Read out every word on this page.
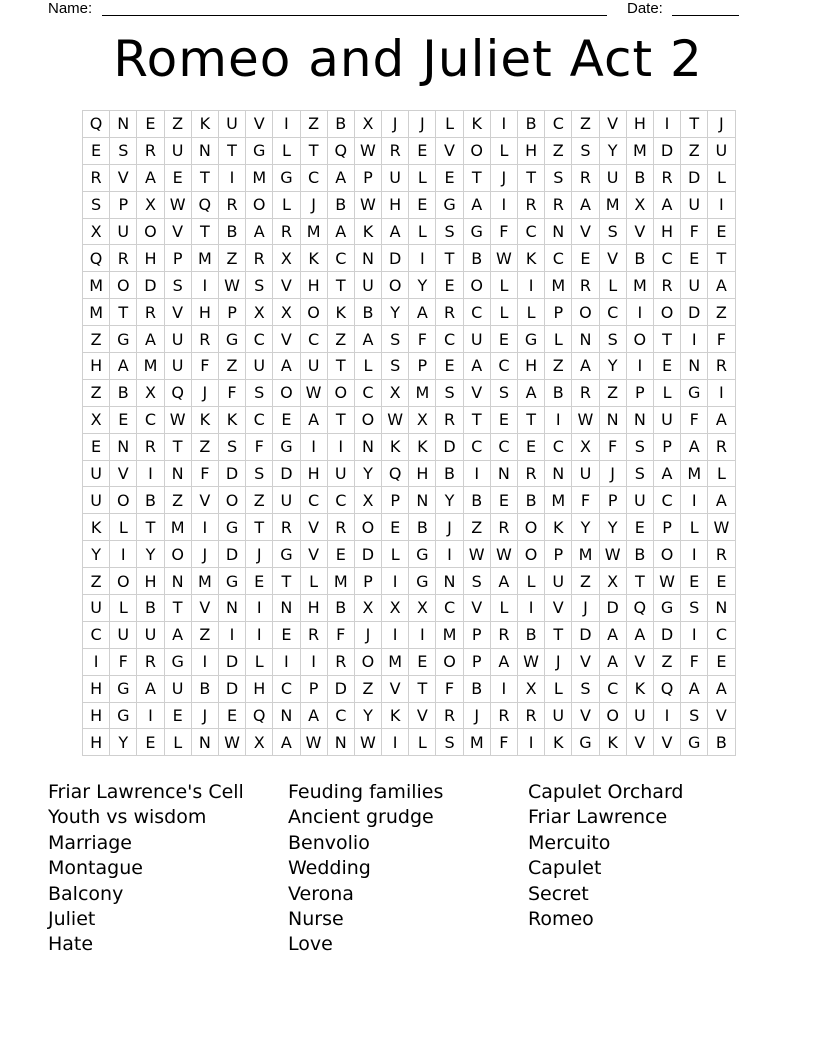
Name:	Date:
Romeo and Juliet Act 2
Q	N	E	Z	K	U	V	I	Z	B	X	J	J	L	K	I	B	C	Z	V	H	I	T	J
E	S	R	U	N	T	G	L	T	Q	W	R	E	V	O	L	H	Z	S	Y	M	D	Z	U
R	V	A	E	T	I	M	G	C	A	P	U	L	E	T	J	T	S	R	U	B	R	D	L
S	P	X	W	Q	R	O	L	J	B	W	H	E	G	A	I	R	R	A	M	X	A	U	I
X	U	O	V	T	B	A	R	M	A	K	A	L	S	G	F	C	N	V	S	V	H	F	E
Q	R	H	P	M	Z	R	X	K	C	N	D	I	T	B	W	K	C	E	V	B	C	E	T
M	O	D	S	I	W	S	V	H	T	U	O	Y	E	O	L	I	M	R	L	M	R	U	A
M	T	R	V	H	P	X	X	O	K	B	Y	A	R	C	L	L	P	O	C	I	O	D	Z
Z	G	A	U	R	G	C	V	C	Z	A	S	F	C	U	E	G	L	N	S	O	T	I	F
H	A	M	U	F	Z	U	A	U	T	L	S	P	E	A	C	H	Z	A	Y	I	E	N	R
Z	B	X	Q	J	F	S	O	W	O	C	X	M	S	V	S	A	B	R	Z	P	L	G	I
X	E	C	W	K	K	C	E	A	T	O	W	X	R	T	E	T	I	W	N	N	U	F	A
E	N	R	T	Z	S	F	G	I	I	N	K	K	D	C	C	E	C	X	F	S	P	A	R
U	V	I	N	F	D	S	D	H	U	Y	Q	H	B	I	N	R	N	U	J	S	A	M	L
U	O	B	Z	V	O	Z	U	C	C	X	P	N	Y	B	E	B	M	F	P	U	C	I	A
K	L	T	M	I	G	T	R	V	R	O	E	B	J	Z	R	O	K	Y	Y	E	P	L	W
Y	I	Y	O	J	D	J	G	V	E	D	L	G	I	W	W	O	P	M	W	B	O	I	R
Z	O	H	N	M	G	E	T	L	M	P	I	G	N	S	A	L	U	Z	X	T	W	E	E
U	L	B	T	V	N	I	N	H	B	X	X	X	C	V	L	I	V	J	D	Q	G	S	N
C	U	U	A	Z	I	I	E	R	F	J	I	I	M	P	R	B	T	D	A	A	D	I	C
I	F	R	G	I	D	L	I	I	R	O	M	E	O	P	A	W	J	V	A	V	Z	F	E
H	G	A	U	B	D	H	C	P	D	Z	V	T	F	B	I	X	L	S	C	K	Q	A	A
H	G	I	E	J	E	Q	N	A	C	Y	K	V	R	J	R	R	U	V	O	U	I	S	V
H	Y	E	L	N	W	X	A	W	N	W	I	L	S	M	F	I	K	G	K	V	V	G	B
Friar Lawrence's Cell
Youth vs wisdom
Marriage
Montague
Balcony
Juliet
Hate
Feuding families
Ancient grudge
Benvolio
Wedding
Verona
Nurse
Love
Capulet Orchard
Friar Lawrence
Mercuito
Capulet
Secret
Romeo
